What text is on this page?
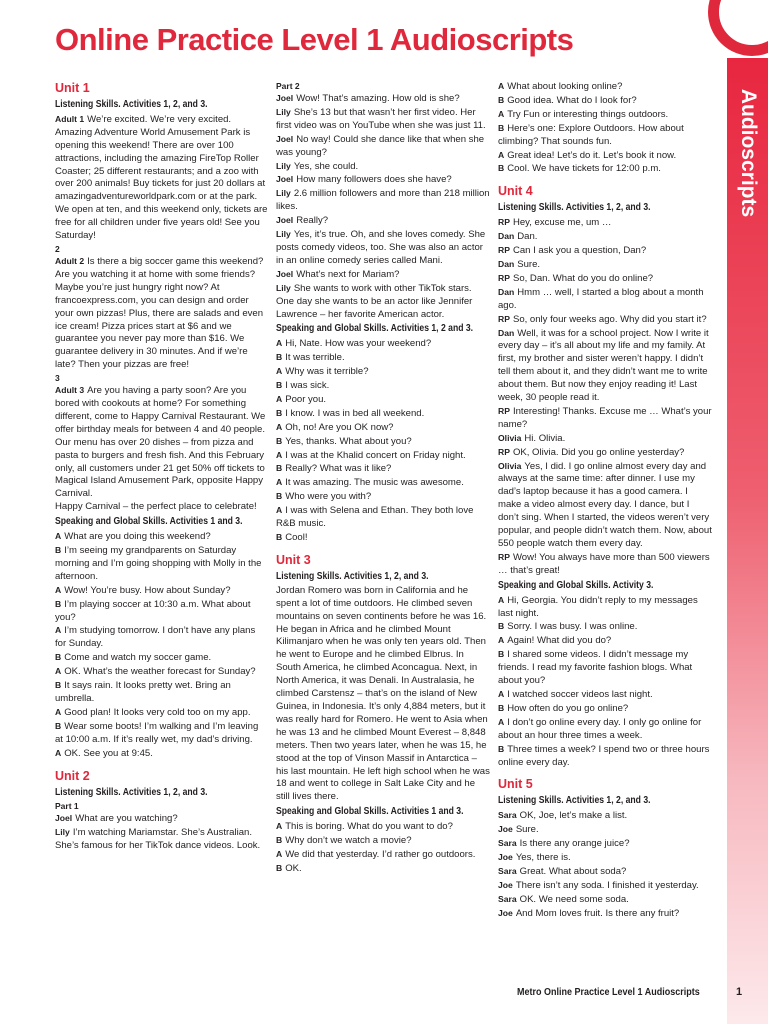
Audioscripts
Online Practice Level 1 Audioscripts
Unit 1
Listening Skills. Activities 1, 2, and 3.
Adult 1 We’re excited. We’re very excited. Amazing Adventure World Amusement Park is opening this weekend! There are over 100 attractions, including the amazing FireTop Roller Coaster; 25 different restaurants; and a zoo with over 200 animals! Buy tickets for just 20 dollars at amazingadventureworldpark.com or at the park. We open at ten, and this weekend only, tickets are free for all children under five years old! See you Saturday!
2
Adult 2 Is there a big soccer game this weekend? Are you watching it at home with some friends? Maybe you’re just hungry right now? At francoexpress.com, you can design and order your own pizzas! Plus, there are salads and even ice cream! Pizza prices start at $6 and we guarantee you never pay more than $16. We guarantee delivery in 30 minutes. And if we’re late? Then your pizzas are free!
3
Adult 3 Are you having a party soon? Are you bored with cookouts at home? For something different, come to Happy Carnival Restaurant. We offer birthday meals for between 4 and 40 people. Our menu has over 20 dishes – from pizza and pasta to burgers and fresh fish. And this February only, all customers under 21 get 50% off tickets to Magical Island Amusement Park, opposite Happy Carnival.
Happy Carnival – the perfect place to celebrate!
Speaking and Global Skills. Activities 1 and 3.
A What are you doing this weekend?
B I’m seeing my grandparents on Saturday morning and I’m going shopping with Molly in the afternoon.
A Wow! You’re busy. How about Sunday?
B I’m playing soccer at 10:30 a.m. What about you?
A I’m studying tomorrow. I don’t have any plans for Sunday.
B Come and watch my soccer game.
A OK. What’s the weather forecast for Sunday?
B It says rain. It looks pretty wet. Bring an umbrella.
A Good plan! It looks very cold too on my app.
B Wear some boots! I’m walking and I’m leaving at 10:00 a.m. If it’s really wet, my dad’s driving.
A OK. See you at 9:45.
Unit 2
Listening Skills. Activities 1, 2, and 3.
Part 1
Joel What are you watching?
Lily I’m watching Mariamstar. She’s Australian. She’s famous for her TikTok dance videos. Look.
Part 2
Joel Wow! That’s amazing. How old is she?
Lily She’s 13 but that wasn’t her first video. Her first video was on YouTube when she was just 11.
Joel No way! Could she dance like that when she was young?
Lily Yes, she could.
Joel How many followers does she have?
Lily 2.6 million followers and more than 218 million likes.
Joel Really?
Lily Yes, it’s true. Oh, and she loves comedy. She posts comedy videos, too. She was also an actor in an online comedy series called Mani.
Joel What’s next for Mariam?
Lily She wants to work with other TikTok stars. One day she wants to be an actor like Jennifer Lawrence – her favorite American actor.
Speaking and Global Skills. Activities 1, 2 and 3.
A Hi, Nate. How was your weekend?
B It was terrible.
A Why was it terrible?
B I was sick.
A Poor you.
B I know. I was in bed all weekend.
A Oh, no! Are you OK now?
B Yes, thanks. What about you?
A I was at the Khalid concert on Friday night.
B Really? What was it like?
A It was amazing. The music was awesome.
B Who were you with?
A I was with Selena and Ethan. They both love R&B music.
B Cool!
Unit 3
Listening Skills. Activities 1, 2, and 3.
Jordan Romero was born in California and he spent a lot of time outdoors. He climbed seven mountains on seven continents before he was 16.
He began in Africa and he climbed Mount Kilimanjaro when he was only ten years old. Then he went to Europe and he climbed Elbrus. In South America, he climbed Aconcagua. Next, in North America, it was Denali. In Australasia, he climbed Carstensz – that’s on the island of New Guinea, in Indonesia. It’s only 4,884 meters, but it was really hard for Romero. He went to Asia when he was 13 and he climbed Mount Everest – 8,848 meters. Then two years later, when he was 15, he stood at the top of Vinson Massif in Antarctica – his last mountain. He left high school when he was 18 and went to college in Salt Lake City and he still lives there.
Speaking and Global Skills. Activities 1 and 3.
A This is boring. What do you want to do?
B Why don’t we watch a movie?
A We did that yesterday. I’d rather go outdoors.
B OK.
A What about looking online?
B Good idea. What do I look for?
A Try Fun or interesting things outdoors.
B Here’s one: Explore Outdoors. How about climbing? That sounds fun.
A Great idea! Let’s do it. Let’s book it now.
B Cool. We have tickets for 12:00 p.m.
Unit 4
Listening Skills. Activities 1, 2, and 3.
RP Hey, excuse me, um …
Dan Dan.
RP Can I ask you a question, Dan?
Dan Sure.
RP So, Dan. What do you do online?
Dan Hmm … well, I started a blog about a month ago.
RP So, only four weeks ago. Why did you start it?
Dan Well, it was for a school project. Now I write it every day – it’s all about my life and my family. At first, my brother and sister weren’t happy. I didn’t tell them about it, and they didn’t want me to write about them. But now they enjoy reading it! Last week, 30 people read it.
RP Interesting! Thanks. Excuse me … What’s your name?
Olivia Hi. Olivia.
RP OK, Olivia. Did you go online yesterday?
Olivia Yes, I did. I go online almost every day and always at the same time: after dinner. I use my dad’s laptop because it has a good camera. I make a video almost every day. I dance, but I don’t sing. When I started, the videos weren’t very popular, and people didn’t watch them. Now, about 550 people watch them every day.
RP Wow! You always have more than 500 viewers … that’s great!
Speaking and Global Skills. Activity 3.
A Hi, Georgia. You didn’t reply to my messages last night.
B Sorry. I was busy. I was online.
A Again! What did you do?
B I shared some videos. I didn’t message my friends. I read my favorite fashion blogs. What about you?
A I watched soccer videos last night.
B How often do you go online?
A I don’t go online every day. I only go online for about an hour three times a week.
B Three times a week? I spend two or three hours online every day.
Unit 5
Listening Skills. Activities 1, 2, and 3.
Sara OK, Joe, let’s make a list.
Joe Sure.
Sara Is there any orange juice?
Joe Yes, there is.
Sara Great. What about soda?
Joe There isn’t any soda. I finished it yesterday.
Sara OK. We need some soda.
Joe And Mom loves fruit. Is there any fruit?
Metro Online Practice Level 1 Audioscripts	1
